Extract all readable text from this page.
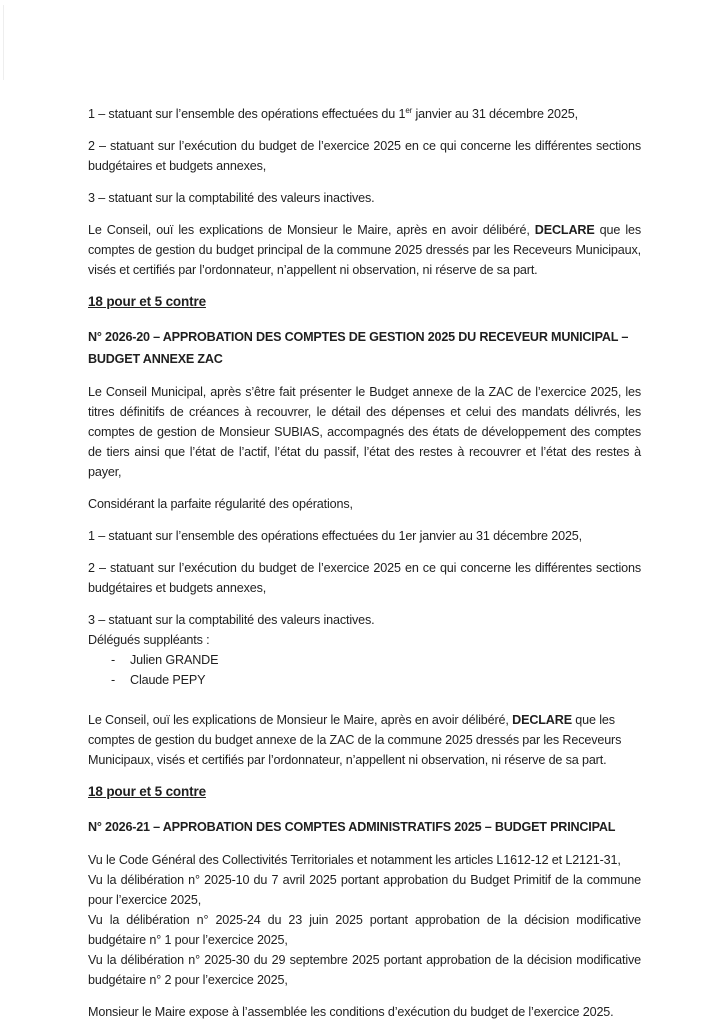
1 – statuant sur l’ensemble des opérations effectuées du 1er janvier au 31 décembre 2025,

2 – statuant sur l’exécution du budget de l’exercice 2025 en ce qui concerne les différentes sections budgétaires et budgets annexes,

3 – statuant sur la comptabilité des valeurs inactives.

Le Conseil, ouï les explications de Monsieur le Maire, après en avoir délibéré, DECLARE que les comptes de gestion du budget principal de la commune 2025 dressés par les Receveurs Municipaux, visés et certifiés par l’ordonnateur, n’appellent ni observation, ni réserve de sa part.

18 pour et 5 contre

N° 2026-20 – APPROBATION DES COMPTES DE GESTION 2025 DU RECEVEUR MUNICIPAL – BUDGET ANNEXE ZAC

Le Conseil Municipal, après s’être fait présenter le Budget annexe de la ZAC de l’exercice 2025, les titres définitifs de créances à recouvrer, le détail des dépenses et celui des mandats délivrés, les comptes de gestion de Monsieur SUBIAS, accompagnés des états de développement des comptes de tiers ainsi que l’état de l’actif, l’état du passif, l’état des restes à recouvrer et l’état des restes à payer,

Considérant la parfaite régularité des opérations,

1 – statuant sur l’ensemble des opérations effectuées du 1er janvier au 31 décembre 2025,

2 – statuant sur l’exécution du budget de l’exercice 2025 en ce qui concerne les différentes sections budgétaires et budgets annexes,

3 – statuant sur la comptabilité des valeurs inactives.

Délégués suppléants :

- Julien GRANDE
- Claude PEPY

Le Conseil, ouï les explications de Monsieur le Maire, après en avoir délibéré, DECLARE que les comptes de gestion du budget annexe de la ZAC de la commune 2025 dressés par les Receveurs Municipaux, visés et certifiés par l’ordonnateur, n’appellent ni observation, ni réserve de sa part.

18 pour et 5 contre

N° 2026-21 – APPROBATION DES COMPTES ADMINISTRATIFS 2025 – BUDGET PRINCIPAL

Vu le Code Général des Collectivités Territoriales et notamment les articles L1612-12 et L2121-31,

Vu la délibération n° 2025-10 du 7 avril 2025 portant approbation du Budget Primitif de la commune pour l’exercice 2025,

Vu la délibération n° 2025-24 du 23 juin 2025 portant approbation de la décision modificative budgétaire n° 1 pour l’exercice 2025,

Vu la délibération n° 2025-30 du 29 septembre 2025 portant approbation de la décision modificative budgétaire n° 2 pour l’exercice 2025,

Monsieur le Maire expose à l’assemblée les conditions d’exécution du budget de l’exercice 2025.
